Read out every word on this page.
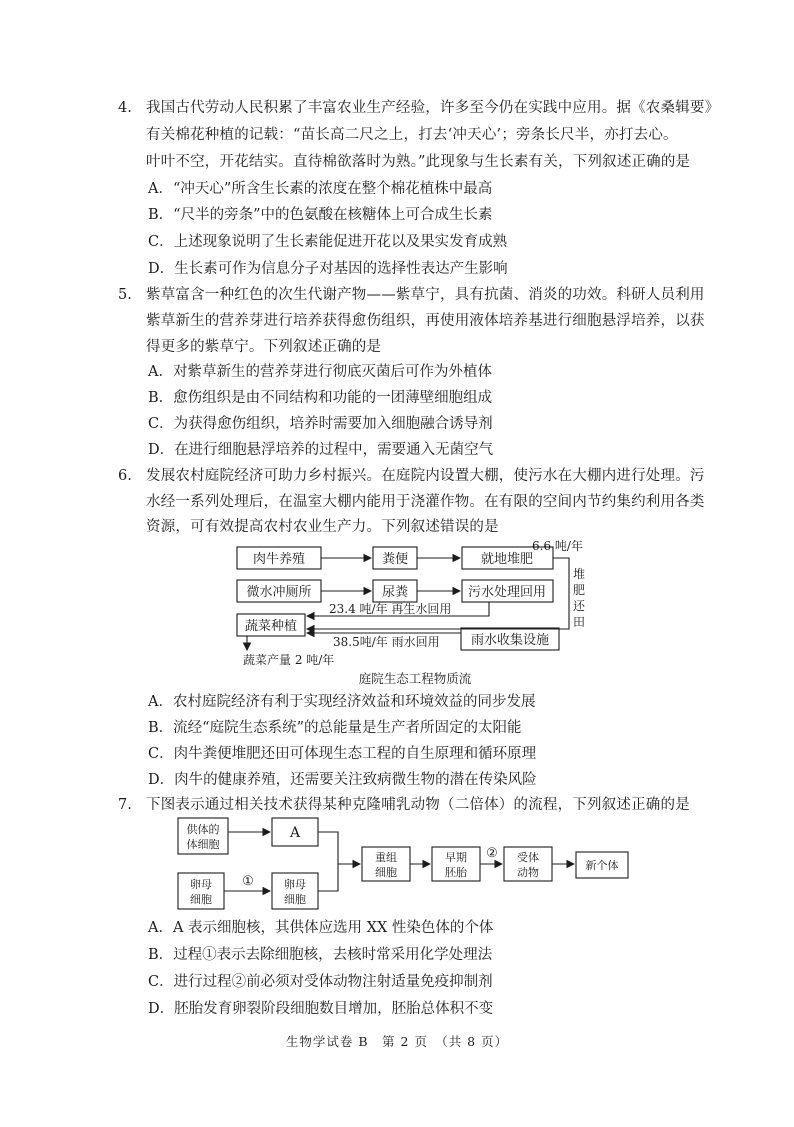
4. 我国古代劳动人民积累了丰富农业生产经验，许多至今仍在实践中应用。据《农桑辑要》
有关棉花种植的记载：“苗长高二尺之上，打去‘冲天心’；旁条长尺半，亦打去心。
叶叶不空，开花结实。直待棉欲落时为熟。”此现象与生长素有关，下列叙述正确的是
A．“冲天心”所含生长素的浓度在整个棉花植株中最高
B．“尺半的旁条”中的色氨酸在核糖体上可合成生长素
C．上述现象说明了生长素能促进开花以及果实发育成熟
D．生长素可作为信息分子对基因的选择性表达产生影响
5. 紫草富含一种红色的次生代谢产物——紫草宁，具有抗菌、消炎的功效。科研人员利用
紫草新生的营养芽进行培养获得愈伤组织，再使用液体培养基进行细胞悬浮培养，以获
得更多的紫草宁。下列叙述正确的是
A．对紫草新生的营养芽进行彻底灭菌后可作为外植体
B．愈伤组织是由不同结构和功能的一团薄壁细胞组成
C．为获得愈伤组织，培养时需要加入细胞融合诱导剂
D．在进行细胞悬浮培养的过程中，需要通入无菌空气
6. 发展农村庭院经济可助力乡村振兴。在庭院内设置大棚，使污水在大棚内进行处理。污
水经一系列处理后，在温室大棚内能用于浇灌作物。在有限的空间内节约集约利用各类
资源，可有效提高农村农业生产力。下列叙述错误的是
肉牛养殖	粪便	就地堆肥
微水冲厕所	尿粪	污水处理回用
蔬菜种植
雨水收集设施
6.6 吨/年
堆
肥
还
田
23.4 吨/年 再生水回用
38.5吨/年 雨水回用
蔬菜产量 2 吨/年
庭院生态工程物质流
A．农村庭院经济有利于实现经济效益和环境效益的同步发展
B．流经“庭院生态系统”的总能量是生产者所固定的太阳能
C．肉牛粪便堆肥还田可体现生态工程的自生原理和循环原理
D．肉牛的健康养殖，还需要关注致病微生物的潜在传染风险
7. 下图表示通过相关技术获得某种克隆哺乳动物（二倍体）的流程，下列叙述正确的是
供体的
体细胞
卵母
细胞
卵母
细胞
重组
细胞
早期
胚胎
受体
动物
新个体
A
①
②
A．A 表示细胞核，其供体应选用 XX 性染色体的个体
B．过程①表示去除细胞核，去核时常采用化学处理法
C．进行过程②前必须对受体动物注射适量免疫抑制剂
D．胚胎发育卵裂阶段细胞数目增加，胚胎总体积不变
生物学试卷 B　第 2 页　（共 8 页）
